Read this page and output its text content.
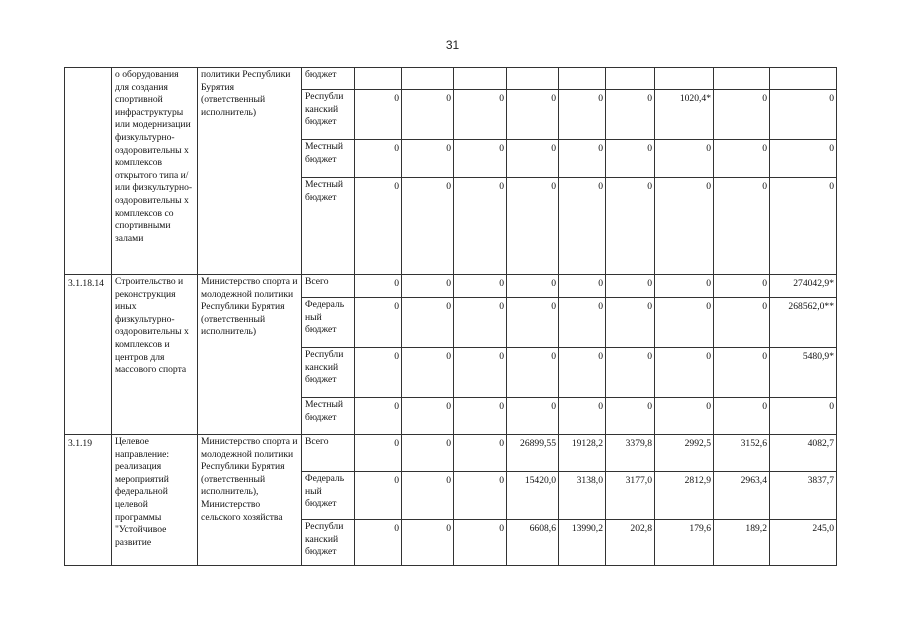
31
	о оборудования для создания спортивной инфраструктуры или модернизации физкультурно-оздоровительны х комплексов открытого типа и/или физкультурно-оздоровительны х комплексов со спортивными залами	политики Республики Бурятия (ответственный исполнитель)	бюджет									
			Республи канский бюджет	0	0	0	0	0	0	1020,4*	0	0
			Местный бюджет	0	0	0	0	0	0	0	0	0
			Местный бюджет	0	0	0	0	0	0	0	0	0
3.1.18.14	Строительство и реконструкция иных физкультурно-оздоровительны х комплексов и центров для массового спорта	Министерство спорта и молодежной политики Республики Бурятия (ответственный исполнитель)	Всего	0	0	0	0	0	0	0	0	274042,9*
			Федераль ный бюджет	0	0	0	0	0	0	0	0	268562,0**
			Республи канский бюджет	0	0	0	0	0	0	0	0	5480,9*
			Местный бюджет	0	0	0	0	0	0	0	0	0
3.1.19	Целевое направление: реализация мероприятий федеральной целевой программы "Устойчивое развитие	Министерство спорта и молодежной политики Республики Бурятия (ответственный исполнитель), Министерство сельского хозяйства	Всего	0	0	0	26899,55	19128,2	3379,8	2992,5	3152,6	4082,7
			Федераль ный бюджет	0	0	0	15420,0	3138,0	3177,0	2812,9	2963,4	3837,7
			Республи канский бюджет	0	0	0	6608,6	13990,2	202,8	179,6	189,2	245,0
